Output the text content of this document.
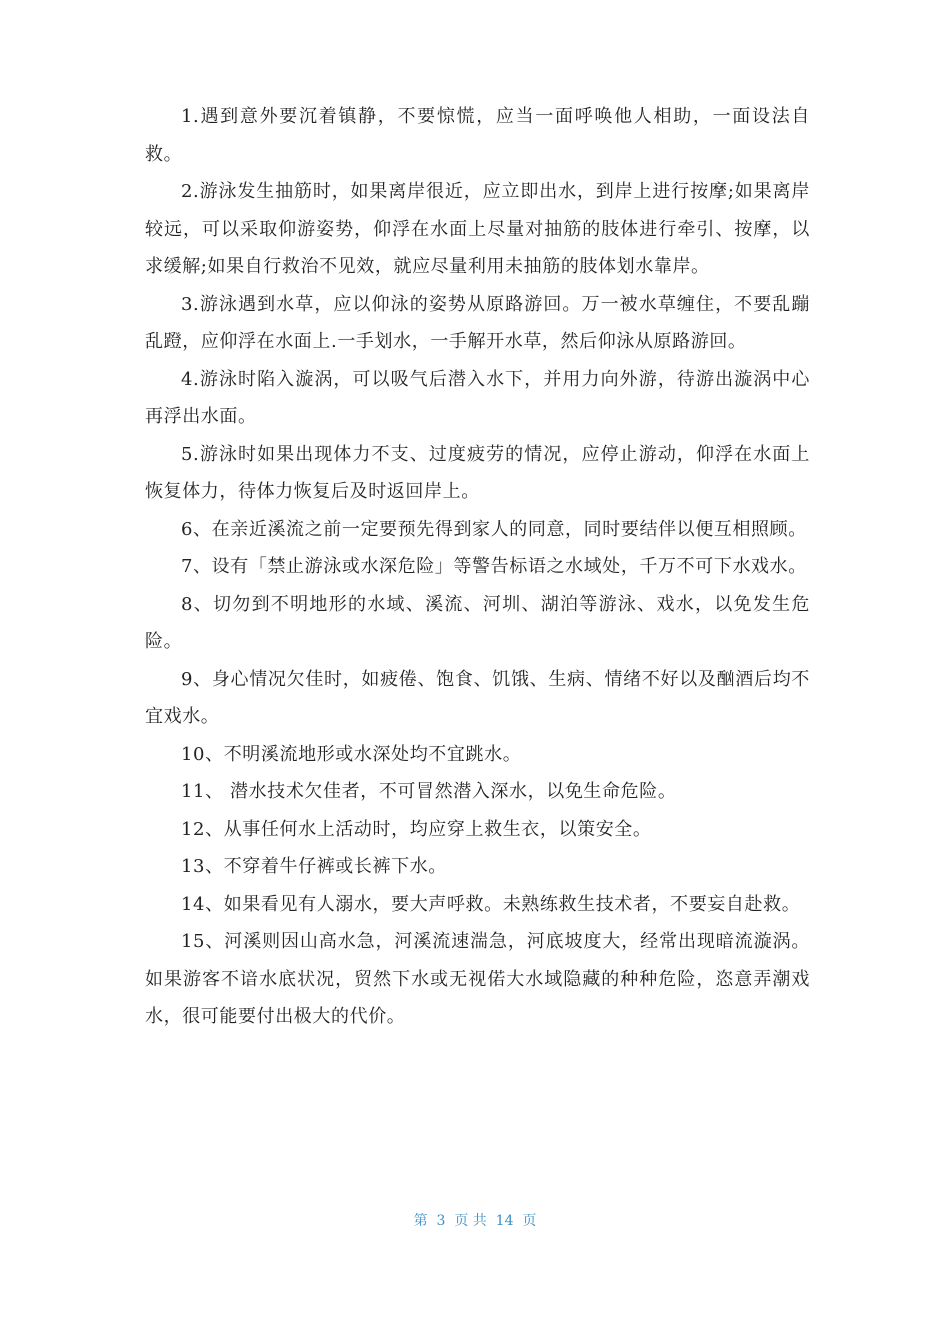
1.遇到意外要沉着镇静，不要惊慌，应当一面呼唤他人相助，一面设法自救。

2.游泳发生抽筋时，如果离岸很近，应立即出水，到岸上进行按摩;如果离岸较远，可以采取仰游姿势，仰浮在水面上尽量对抽筋的肢体进行牵引、按摩，以求缓解;如果自行救治不见效，就应尽量利用未抽筋的肢体划水靠岸。

3.游泳遇到水草，应以仰泳的姿势从原路游回。万一被水草缠住，不要乱蹦乱蹬，应仰浮在水面上.一手划水，一手解开水草，然后仰泳从原路游回。

4.游泳时陷入漩涡，可以吸气后潜入水下，并用力向外游，待游出漩涡中心再浮出水面。

5.游泳时如果出现体力不支、过度疲劳的情况，应停止游动，仰浮在水面上恢复体力，待体力恢复后及时返回岸上。

6、在亲近溪流之前一定要预先得到家人的同意，同时要结伴以便互相照顾。

7、设有「禁止游泳或水深危险」等警告标语之水域处，千万不可下水戏水。

8、切勿到不明地形的水域、溪流、河圳、湖泊等游泳、戏水，以免发生危险。

9、身心情况欠佳时，如疲倦、饱食、饥饿、生病、情绪不好以及酗酒后均不宜戏水。

10、不明溪流地形或水深处均不宜跳水。

11、 潜水技术欠佳者，不可冒然潜入深水，以免生命危险。

12、从事任何水上活动时，均应穿上救生衣，以策安全。

13、不穿着牛仔裤或长裤下水。

14、如果看见有人溺水，要大声呼救。未熟练救生技术者，不要妄自赴救。

15、河溪则因山高水急，河溪流速湍急，河底坡度大，经常出现暗流漩涡。如果游客不谙水底状况，贸然下水或无视偌大水域隐藏的种种危险，恣意弄潮戏水，很可能要付出极大的代价。

第  3  页 共  14  页
